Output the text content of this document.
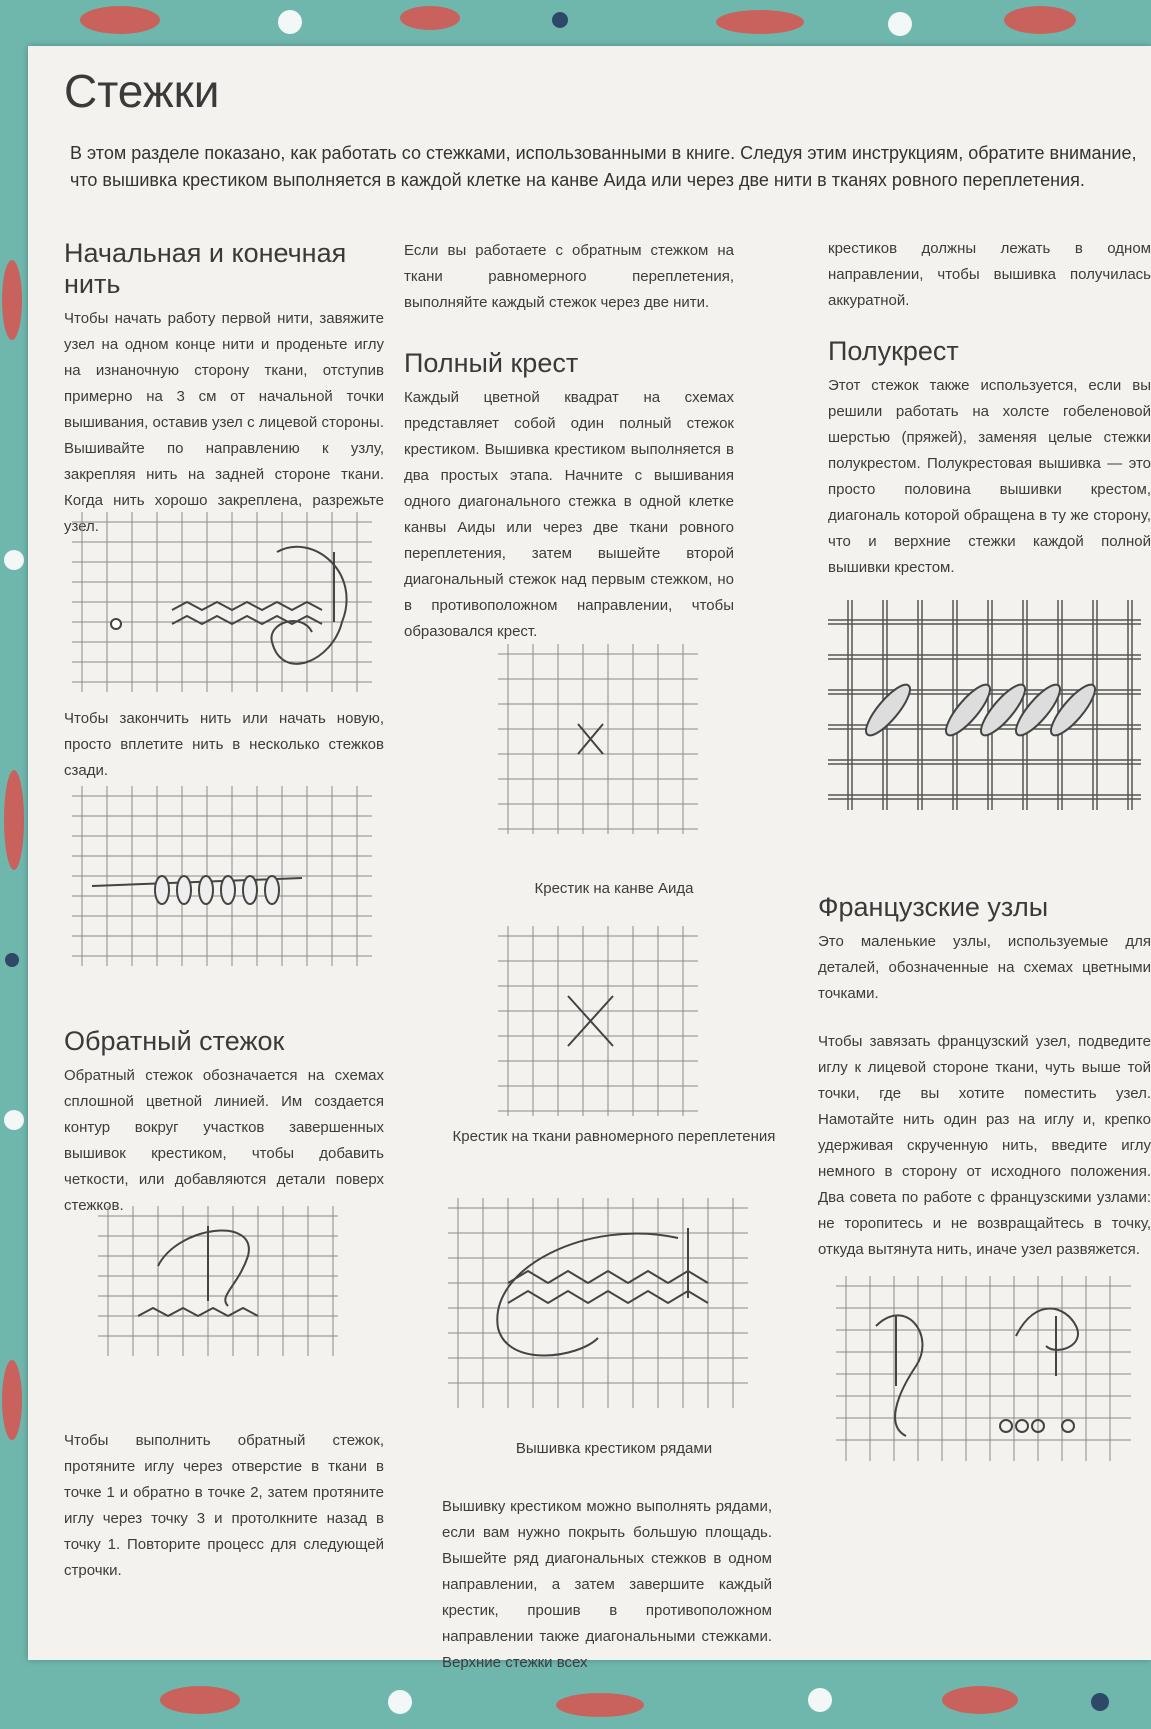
Стежки

В этом разделе показано, как работать со стежками, использованными в книге. Следуя этим инструкциям, обратите внимание, что вышивка крестиком выполняется в каждой клетке на канве Аида или через две нити в тканях ровного переплетения.

Начальная и конечная нить

Чтобы начать работу первой нити, завяжите узел на одном конце нити и проденьте иглу на изнаночную сторону ткани, отступив примерно на 3 см от начальной точки вышивания, оставив узел с лицевой стороны. Вышивайте по направлению к узлу, закрепляя нить на задней стороне ткани. Когда нить хорошо закреплена, разрежьте узел.

Чтобы закончить нить или начать новую, просто вплетите нить в несколько стежков сзади.

Обратный стежок

Обратный стежок обозначается на схемах сплошной цветной линией. Им создается контур вокруг участков завершенных вышивок крестиком, чтобы добавить четкости, или добавляются детали поверх стежков.

Чтобы выполнить обратный стежок, протяните иглу через отверстие в ткани в точке 1 и обратно в точке 2, затем протяните иглу через точку 3 и протолкните назад в точку 1. Повторите процесс для следующей строчки.

Если вы работаете с обратным стежком на ткани равномерного переплетения, выполняйте каждый стежок через две нити.

Полный крест

Каждый цветной квадрат на схемах представляет собой один полный стежок крестиком. Вышивка крестиком выполняется в два простых этапа. Начните с вышивания одного диагонального стежка в одной клетке канвы Аиды или через две ткани ровного переплетения, затем вышейте второй диагональный стежок над первым стежком, но в противоположном направлении, чтобы образовался крест.

Крестик на канве Аида

Крестик на ткани равномерного переплетения

Вышивка крестиком рядами

Вышивку крестиком можно выполнять рядами, если вам нужно покрыть большую площадь. Вышейте ряд диагональных стежков в одном направлении, а затем завершите каждый крестик, прошив в противоположном направлении также диагональными стежками. Верхние стежки всех

крестиков должны лежать в одном направлении, чтобы вышивка получилась аккуратной.

Полукрест

Этот стежок также используется, если вы решили работать на холсте гобеленовой шерстью (пряжей), заменяя целые стежки полукрестом. Полукрестовая вышивка — это просто половина вышивки крестом, диагональ которой обращена в ту же сторону, что и верхние стежки каждой полной вышивки крестом.

Французские узлы

Это маленькие узлы, используемые для деталей, обозначенные на схемах цветными точками.

Чтобы завязать французский узел, подведите иглу к лицевой стороне ткани, чуть выше той точки, где вы хотите поместить узел. Намотайте нить один раз на иглу и, крепко удерживая скрученную нить, введите иглу немного в сторону от исходного положения. Два совета по работе с французскими узлами: не торопитесь и не возвращайтесь в точку, откуда вытянута нить, иначе узел развяжется.
